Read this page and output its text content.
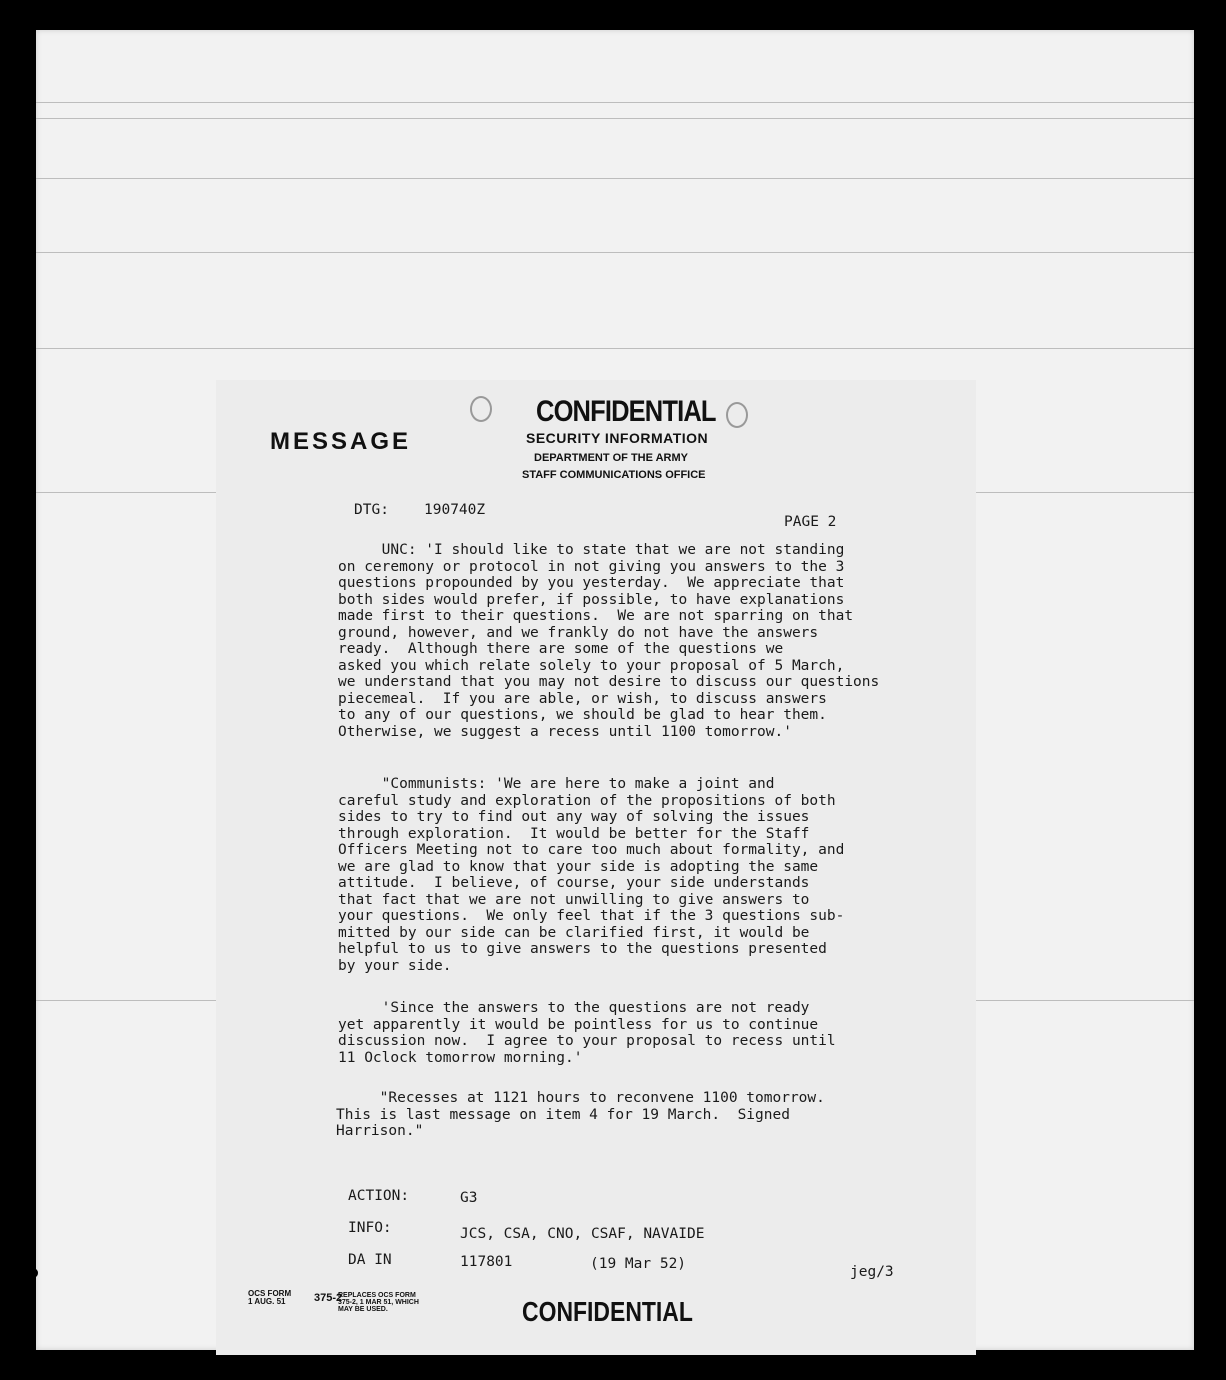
MESSAGE
CONFIDENTIAL
SECURITY INFORMATION
DEPARTMENT OF THE ARMY
STAFF COMMUNICATIONS OFFICE
DTG: 190740Z
PAGE 2
UNC: 'I should like to state that we are not standing
on ceremony or protocol in not giving you answers to the 3
questions propounded by you yesterday.  We appreciate that
both sides would prefer, if possible, to have explanations
made first to their questions.  We are not sparring on that
ground, however, and we frankly do not have the answers
ready.  Although there are some of the questions we
asked you which relate solely to your proposal of 5 March,
we understand that you may not desire to discuss our questions
piecemeal.  If you are able, or wish, to discuss answers
to any of our questions, we should be glad to hear them.
Otherwise, we suggest a recess until 1100 tomorrow.'
"Communists: 'We are here to make a joint and
careful study and exploration of the propositions of both
sides to try to find out any way of solving the issues
through exploration.  It would be better for the Staff
Officers Meeting not to care too much about formality, and
we are glad to know that your side is adopting the same
attitude.  I believe, of course, your side understands
that fact that we are not unwilling to give answers to
your questions.  We only feel that if the 3 questions sub-
mitted by our side can be clarified first, it would be
helpful to us to give answers to the questions presented
by your side.
'Since the answers to the questions are not ready
yet apparently it would be pointless for us to continue
discussion now.  I agree to your proposal to recess until
11 Oclock tomorrow morning.'
"Recesses at 1121 hours to reconvene 1100 tomorrow.
This is last message on item 4 for 19 March.  Signed
Harrison."
ACTION:	G3
INFO:	JCS, CSA, CNO, CSAF, NAVAIDE
DA IN	117801	(19 Mar 52)	jeg/3
OCS FORM
1 AUG. 51	375-2
REPLACES OCS FORM
375-2, 1 MAR 51, WHICH
MAY BE USED.	CONFIDENTIAL
